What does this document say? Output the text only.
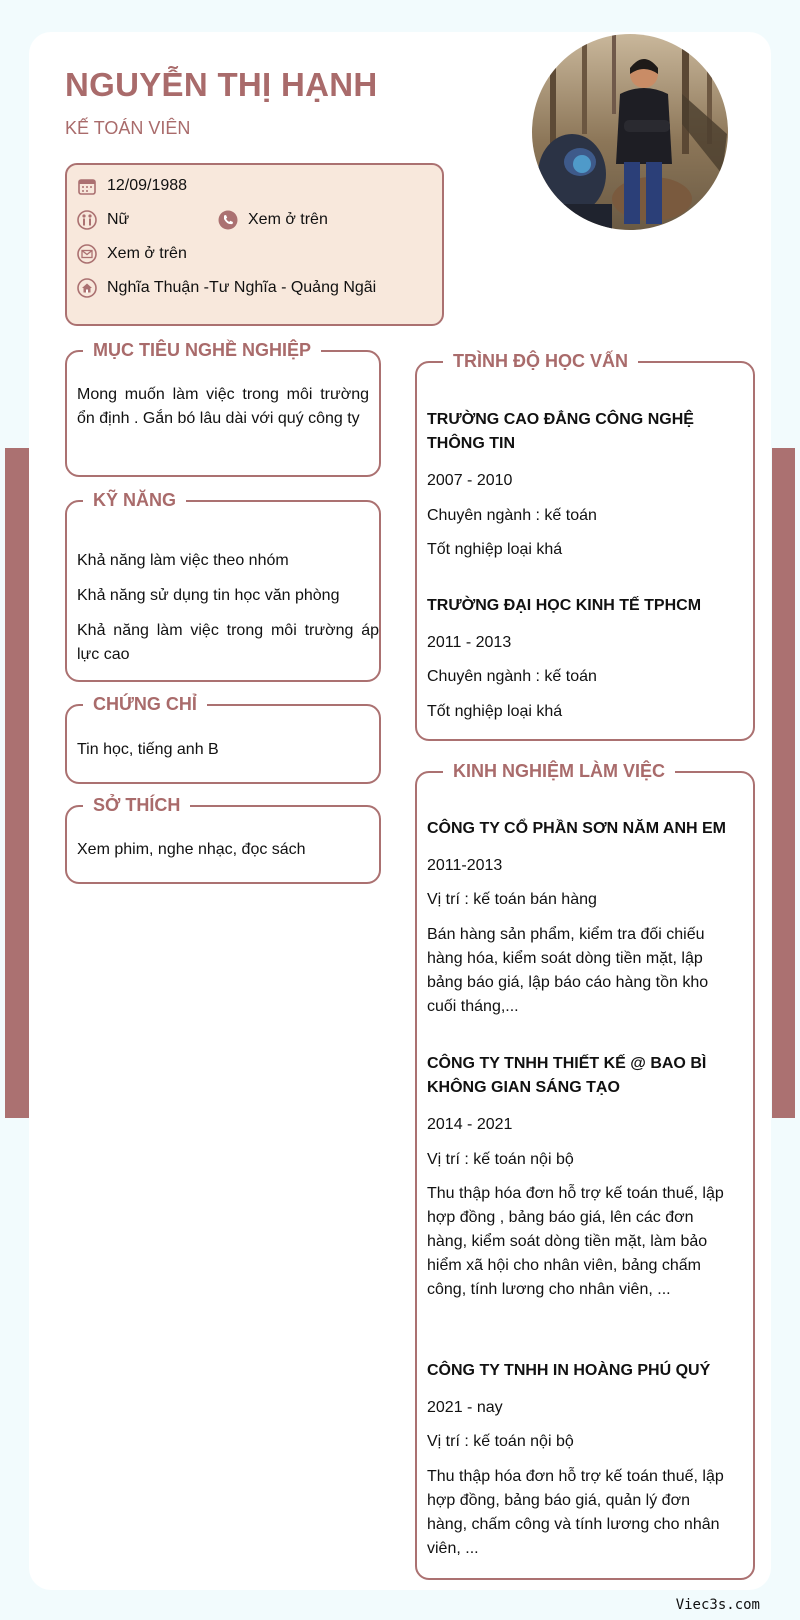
NGUYỄN THỊ HẠNH
KẾ TOÁN VIÊN
12/09/1988
Nữ	Xem ở trên
Xem ở trên
Nghĩa Thuận -Tư Nghĩa - Quảng Ngãi
MỤC TIÊU NGHỀ NGHIỆP

Mong muốn làm việc trong môi trường ổn định . Gắn bó lâu dài với quý công ty

KỸ NĂNG
Khả năng làm việc theo nhóm
Khả năng sử dụng tin học văn phòng
Khả năng làm việc trong môi trường áp lực cao
CHỨNG CHỈ
Tin học, tiếng anh B
SỞ THÍCH
Xem phim, nghe nhạc, đọc sách
TRÌNH ĐỘ HỌC VẤN
TRƯỜNG CAO ĐẲNG CÔNG NGHỆ THÔNG TIN
2007 - 2010
Chuyên ngành : kế toán
Tốt nghiệp loại khá
TRƯỜNG ĐẠI HỌC KINH TẾ TPHCM
2011 - 2013
Chuyên ngành : kế toán
Tốt nghiệp loại khá
KINH NGHIỆM LÀM VIỆC
CÔNG TY CỔ PHẦN SƠN NĂM ANH EM
2011-2013
Vị trí : kế toán bán hàng
Bán hàng sản phẩm, kiểm tra đối chiếu hàng hóa, kiểm soát dòng tiền mặt, lập bảng báo giá, lập báo cáo hàng tồn kho cuối tháng,...
CÔNG TY TNHH THIẾT KẾ @ BAO BÌ KHÔNG GIAN SÁNG TẠO
2014 - 2021
Vị trí : kế toán nội bộ
Thu thập hóa đơn hỗ trợ kế toán thuế, lập hợp đồng , bảng báo giá, lên các đơn hàng, kiểm soát dòng tiền mặt, làm bảo hiểm xã hội cho nhân viên, bảng chấm công, tính lương cho nhân viên, ...
CÔNG TY TNHH IN HOÀNG PHÚ QUÝ
2021 - nay
Vị trí : kế toán nội bộ
Thu thập hóa đơn hỗ trợ kế toán thuế, lập hợp đồng, bảng báo giá, quản lý đơn hàng, chấm công và tính lương cho nhân viên, ...
Viec3s.com
